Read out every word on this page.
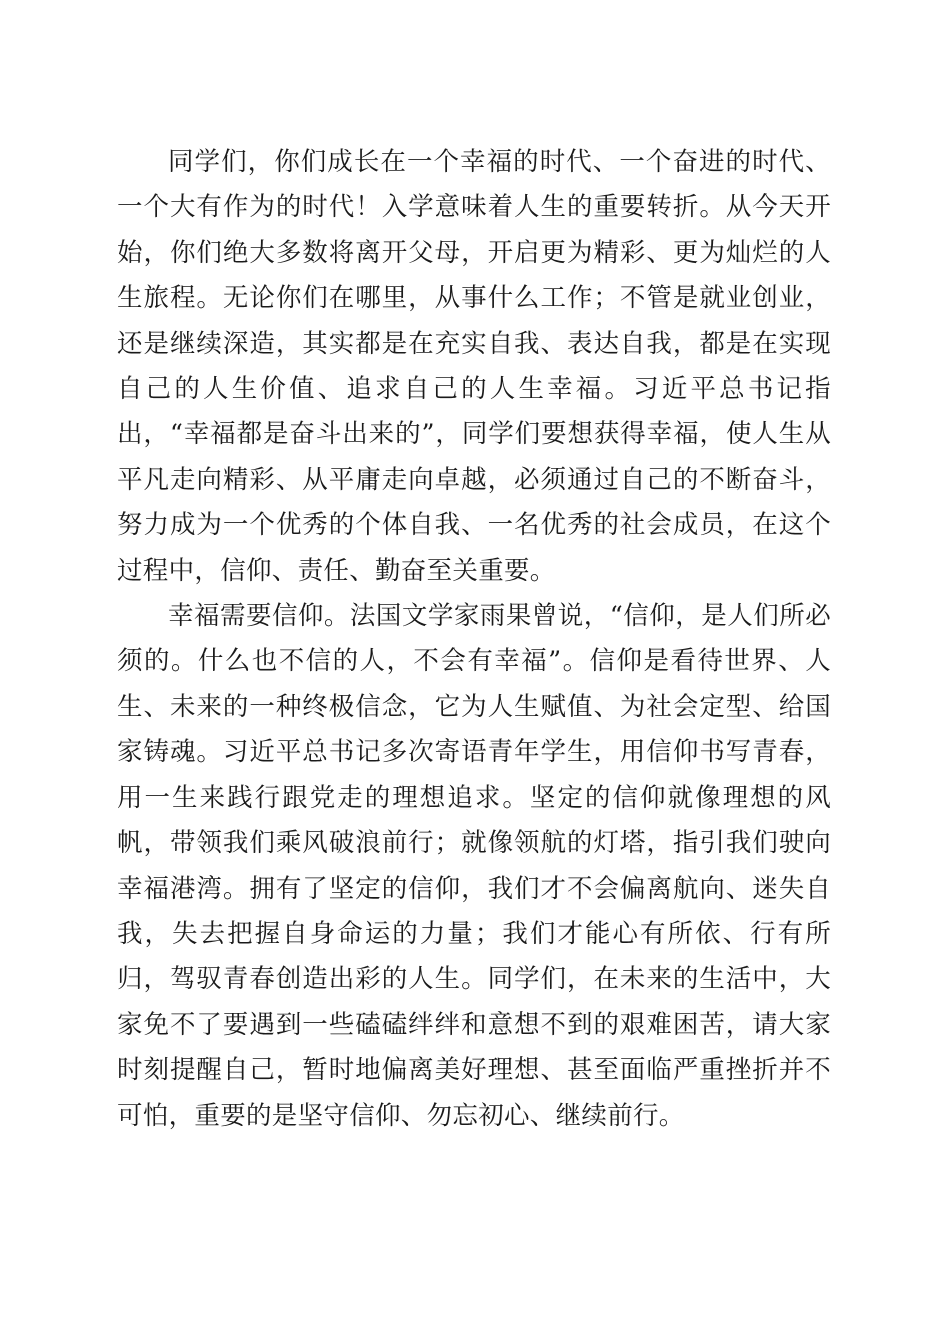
同学们，你们成长在一个幸福的时代、一个奋进的时代、一个大有作为的时代！入学意味着人生的重要转折。从今天开始，你们绝大多数将离开父母，开启更为精彩、更为灿烂的人生旅程。无论你们在哪里，从事什么工作；不管是就业创业，还是继续深造，其实都是在充实自我、表达自我，都是在实现自己的人生价值、追求自己的人生幸福。习近平总书记指出，“幸福都是奋斗出来的”，同学们要想获得幸福，使人生从平凡走向精彩、从平庸走向卓越，必须通过自己的不断奋斗，努力成为一个优秀的个体自我、一名优秀的社会成员，在这个过程中，信仰、责任、勤奋至关重要。

幸福需要信仰。法国文学家雨果曾说，“信仰，是人们所必须的。什么也不信的人，不会有幸福”。信仰是看待世界、人生、未来的一种终极信念，它为人生赋值、为社会定型、给国家铸魂。习近平总书记多次寄语青年学生，用信仰书写青春，用一生来践行跟党走的理想追求。坚定的信仰就像理想的风帆，带领我们乘风破浪前行；就像领航的灯塔，指引我们驶向幸福港湾。拥有了坚定的信仰，我们才不会偏离航向、迷失自我，失去把握自身命运的力量；我们才能心有所依、行有所归，驾驭青春创造出彩的人生。同学们，在未来的生活中，大家免不了要遇到一些磕磕绊绊和意想不到的艰难困苦，请大家时刻提醒自己，暂时地偏离美好理想、甚至面临严重挫折并不可怕，重要的是坚守信仰、勿忘初心、继续前行。
